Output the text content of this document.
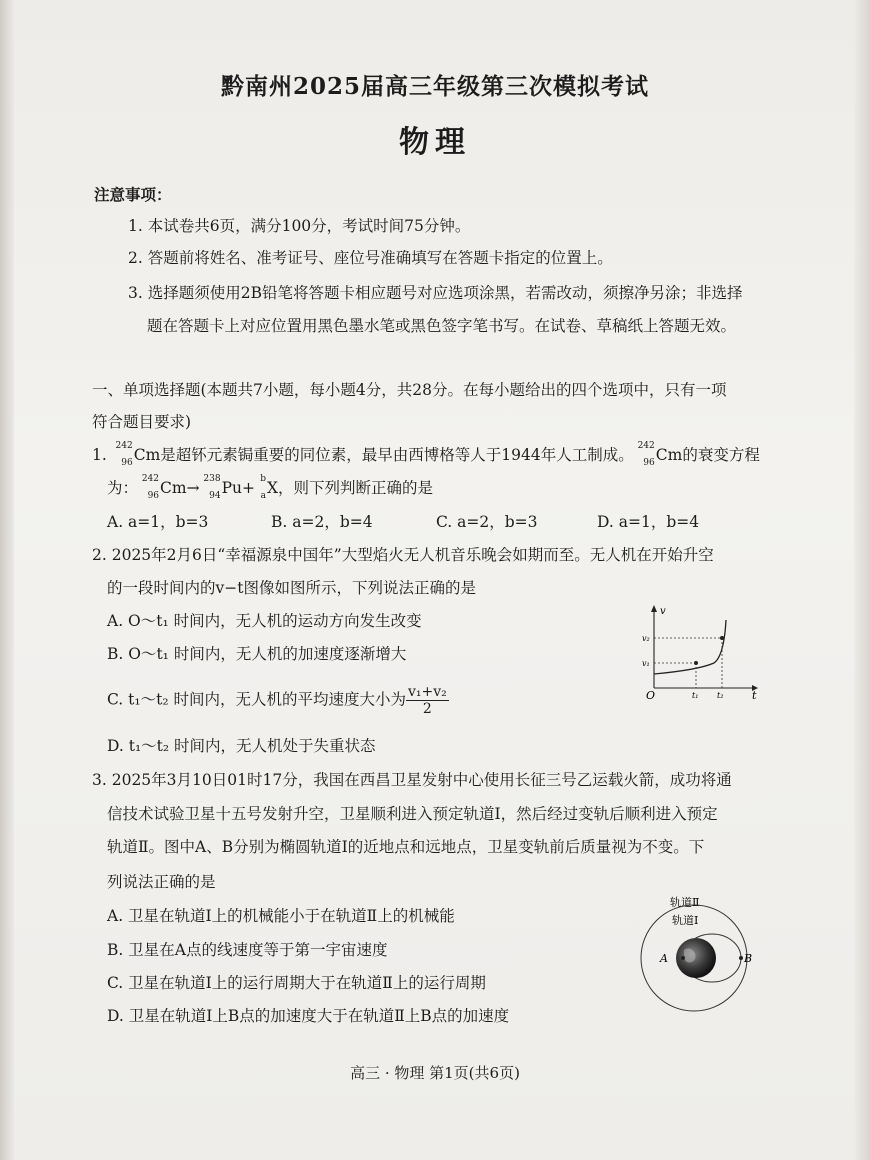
黔南州2025届高三年级第三次模拟考试
物理
注意事项：
1. 本试卷共6页，满分100分，考试时间75分钟。
2. 答题前将姓名、准考证号、座位号准确填写在答题卡指定的位置上。
3. 选择题须使用2B铅笔将答题卡相应题号对应选项涂黑，若需改动，须擦净另涂；非选择
题在答题卡上对应位置用黑色墨水笔或黑色签字笔书写。在试卷、草稿纸上答题无效。
一、单项选择题(本题共7小题，每小题4分，共28分。在每小题给出的四个选项中，只有一项
符合题目要求)
1. 242
96 Cm是超钚元素锔重要的同位素，最早由西博格等人于1944年人工制成。 242
96 Cm的衰变方程
为： 242
96 Cm→ 238
94 Pu+ b
a X，则下列判断正确的是
A. a=1，b=3	B. a=2，b=4	C. a=2，b=3	D. a=1，b=4
2. 2025年2月6日“幸福源泉中国年”大型焰火无人机音乐晚会如期而至。无人机在开始升空
的一段时间内的v−t图像如图所示，下列说法正确的是
A. O～t₁ 时间内，无人机的运动方向发生改变
B. O～t₁ 时间内，无人机的加速度逐渐增大
C. t₁～t₂ 时间内，无人机的平均速度大小为 $\frac{\text{v₁+v₂}}{2}$
D. t₁～t₂ 时间内，无人机处于失重状态
v
t
O
v₂
v₁
t₁ t₂
3. 2025年3月10日01时17分，我国在西昌卫星发射中心使用长征三号乙运载火箭，成功将通
信技术试验卫星十五号发射升空，卫星顺利进入预定轨道Ⅰ，然后经过变轨后顺利进入预定
轨道Ⅱ。图中A、B分别为椭圆轨道Ⅰ的近地点和远地点，卫星变轨前后质量视为不变。下
列说法正确的是
A. 卫星在轨道Ⅰ上的机械能小于在轨道Ⅱ上的机械能
B. 卫星在A点的线速度等于第一宇宙速度
C. 卫星在轨道Ⅰ上的运行周期大于在轨道Ⅱ上的运行周期
D. 卫星在轨道Ⅰ上B点的加速度大于在轨道Ⅱ上B点的加速度
轨道Ⅱ
轨道Ⅰ
A	B
高三 · 物理 第1页(共6页)
